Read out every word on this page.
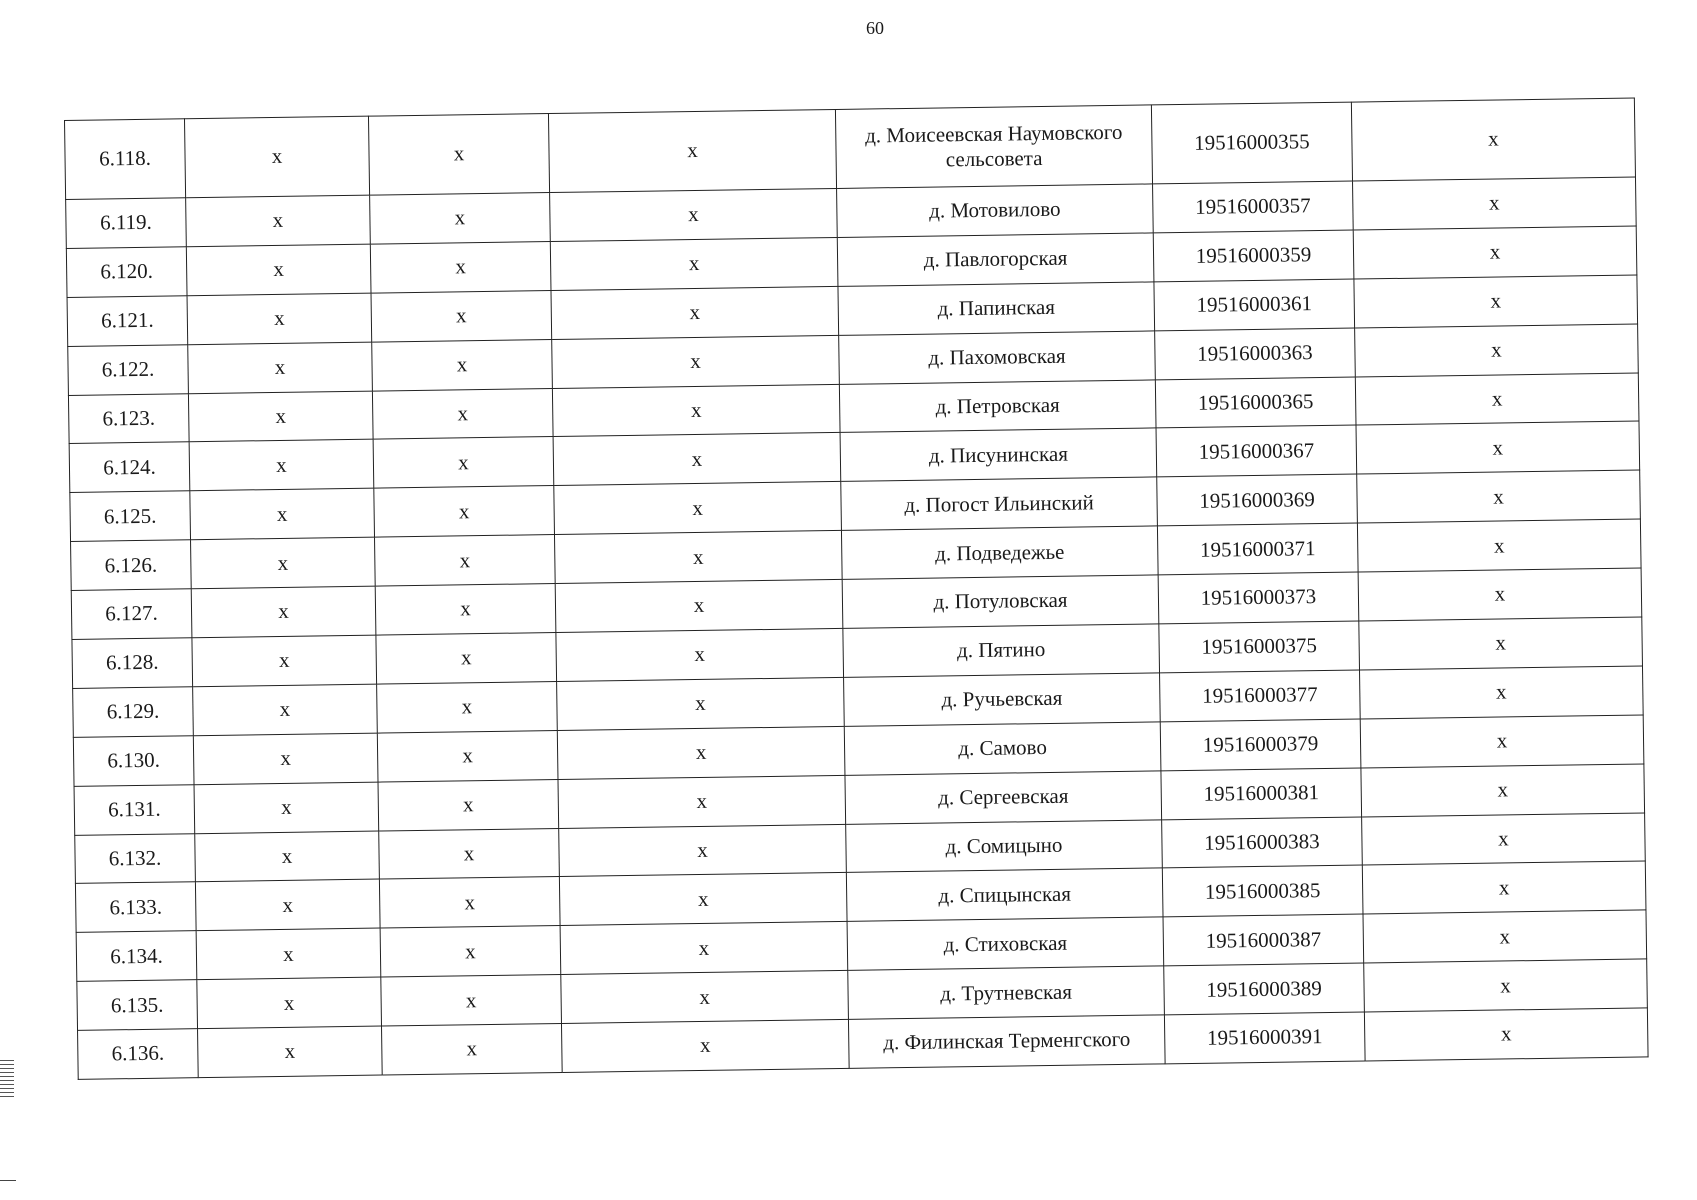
60
6.118.	x	x	x	д. Моисеевская Наумовского сельсовета	19516000355	x
6.119.	x	x	x	д. Мотовилово	19516000357	x
6.120.	x	x	x	д. Павлогорская	19516000359	x
6.121.	x	x	x	д. Папинская	19516000361	x
6.122.	x	x	x	д. Пахомовская	19516000363	x
6.123.	x	x	x	д. Петровская	19516000365	x
6.124.	x	x	x	д. Писунинская	19516000367	x
6.125.	x	x	x	д. Погост Ильинский	19516000369	x
6.126.	x	x	x	д. Подведежье	19516000371	x
6.127.	x	x	x	д. Потуловская	19516000373	x
6.128.	x	x	x	д. Пятино	19516000375	x
6.129.	x	x	x	д. Ручьевская	19516000377	x
6.130.	x	x	x	д. Самово	19516000379	x
6.131.	x	x	x	д. Сергеевская	19516000381	x
6.132.	x	x	x	д. Сомицыно	19516000383	x
6.133.	x	x	x	д. Спицынская	19516000385	x
6.134.	x	x	x	д. Стиховская	19516000387	x
6.135.	x	x	x	д. Трутневская	19516000389	x
6.136.	x	x	x	д. Филинская Терменгского	19516000391	x
